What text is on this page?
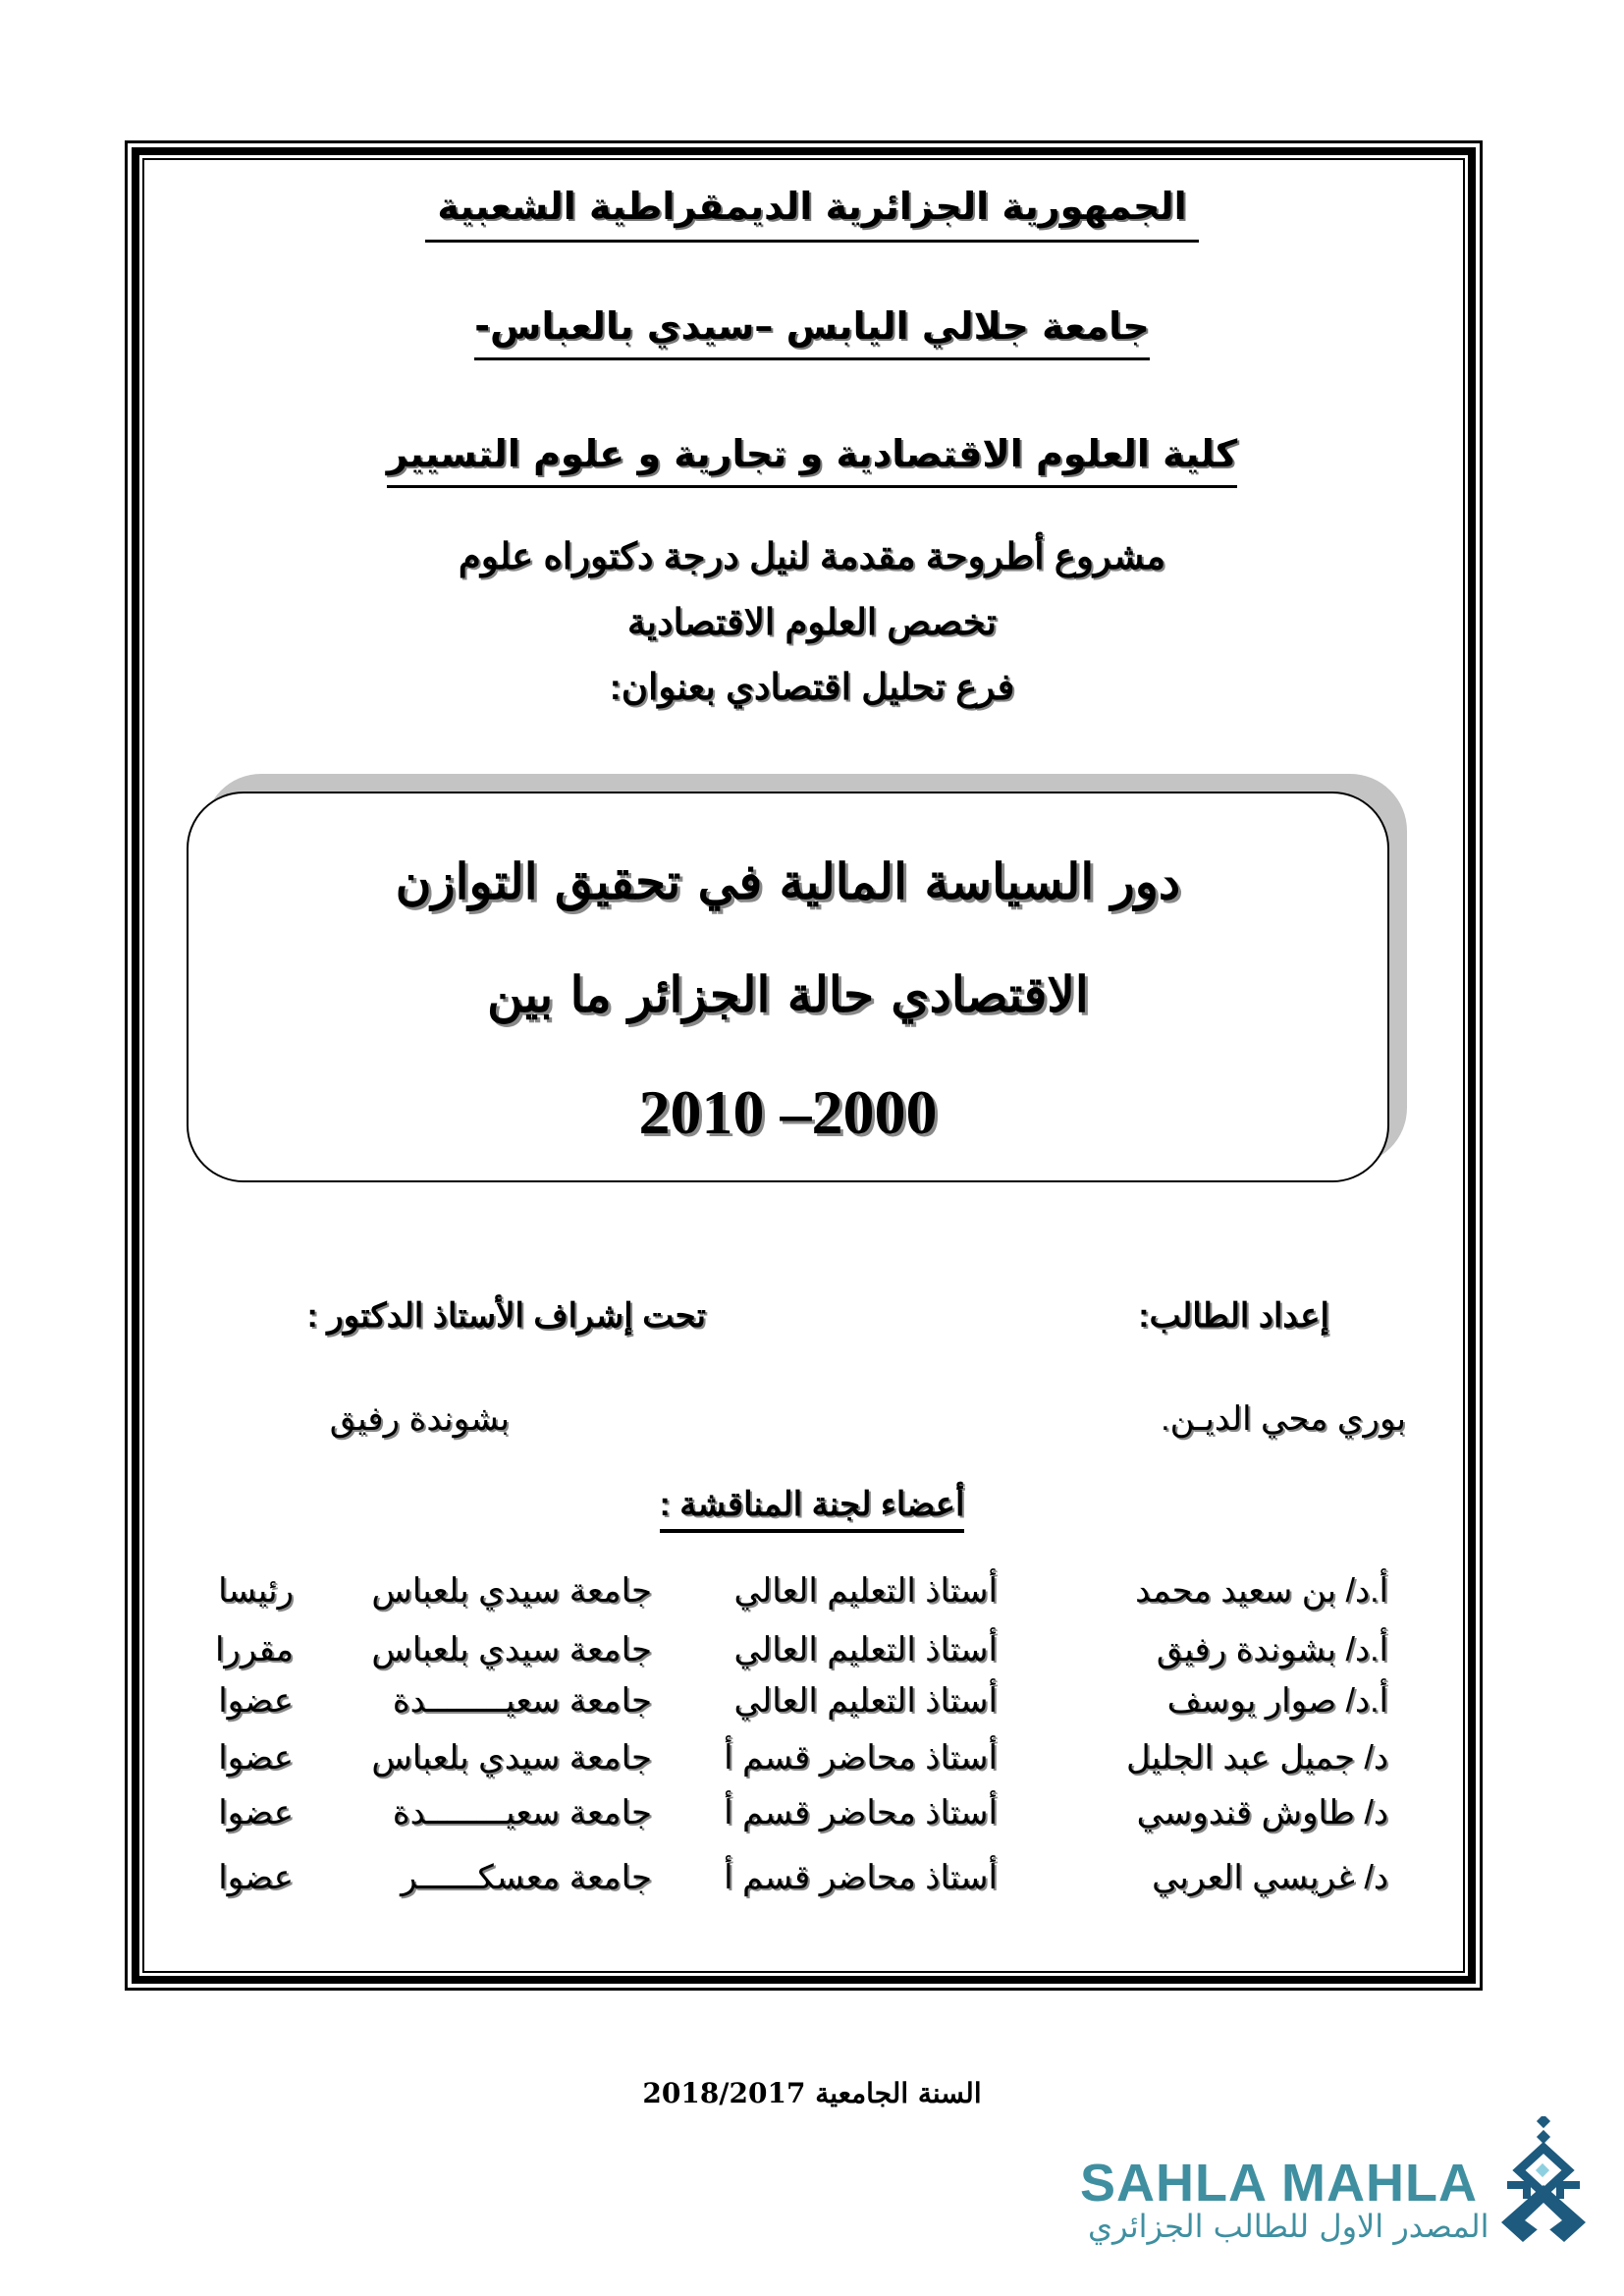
الجمهورية الجزائرية الديمقراطية الشعبية
جامعة جلالي اليابس –سيدي بالعباس-
كلية العلوم الاقتصادية و تجارية و علوم التسيير
مشروع أطروحة مقدمة لنيل درجة دكتوراه علوم
تخصص العلوم الاقتصادية
فرع تحليل اقتصادي بعنوان:
دور السياسة المالية في تحقيق التوازن
الاقتصادي حالة الجزائر ما بين
2000– 2010
إعداد الطالب:
تحت إشراف الأستاذ الدكتور :
بوري محي الديـن.
بشوندة رفيق
أعضاء لجنة المناقشة :
أ.د/ بن سعيد محمد
أستاذ التعليم العالي
جامعة سيدي بلعباس
رئيسا
أ.د/ بشوندة رفيق
أستاذ التعليم العالي
جامعة سيدي بلعباس
مقررا
أ.د/ صوار يوسف
أستاذ التعليم العالي
جامعة سعيــــــــدة
عضوا
د/ جميل عبد الجليل
أستاذ محاضر قسم أ
جامعة سيدي بلعباس
عضوا
د/ طاوش قندوسي
أستاذ محاضر قسم أ
جامعة سعيــــــــدة
عضوا
د/ غريسي العربي
أستاذ محاضر قسم أ
جامعة معسكــــــر
عضوا
السنة الجامعية 2018/2017
SAHLA MAHLA
المصدر الاول للطالب الجزائري
